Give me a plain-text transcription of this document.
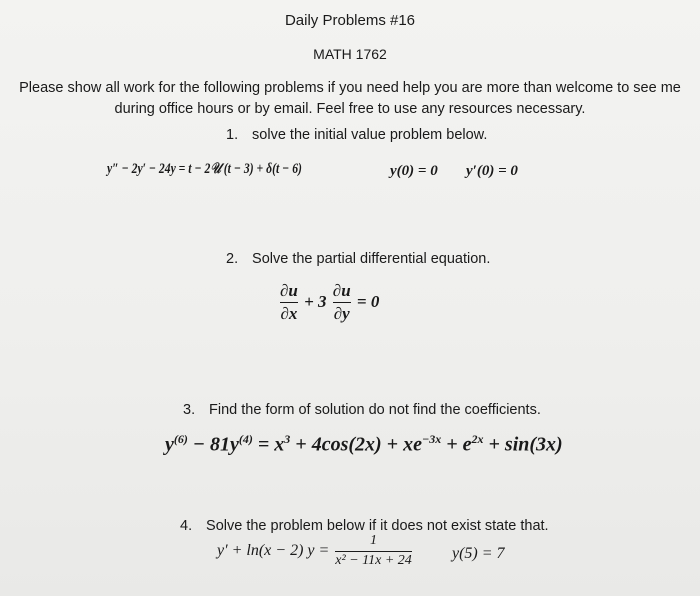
Daily Problems #16
MATH 1762
Please show all work for the following problems if you need help you are more than welcome to see me
during office hours or by email. Feel free to use any resources necessary.
1. solve the initial value problem below.
y″ − 2y′ − 24y = t − 2𝒰 (t − 3) + δ(t − 6)	y(0) = 0 y′(0) = 0
2. Solve the partial differential equation.
$\frac{\partial u}{\partial x} + 3 \frac{\partial u}{\partial y} = 0$
3. Find the form of solution do not find the coefficients.
$y^{(6)} - 81y^{(4)} = x^3 + 4\cos(2x) + xe^{-3x} + e^{2x} + \sin(3x)$
4. Solve the problem below if it does not exist state that.
y′ + ln(x − 2) $y = \frac{1}{\text{x² − 11x + 24}}$	y(5) = 7
